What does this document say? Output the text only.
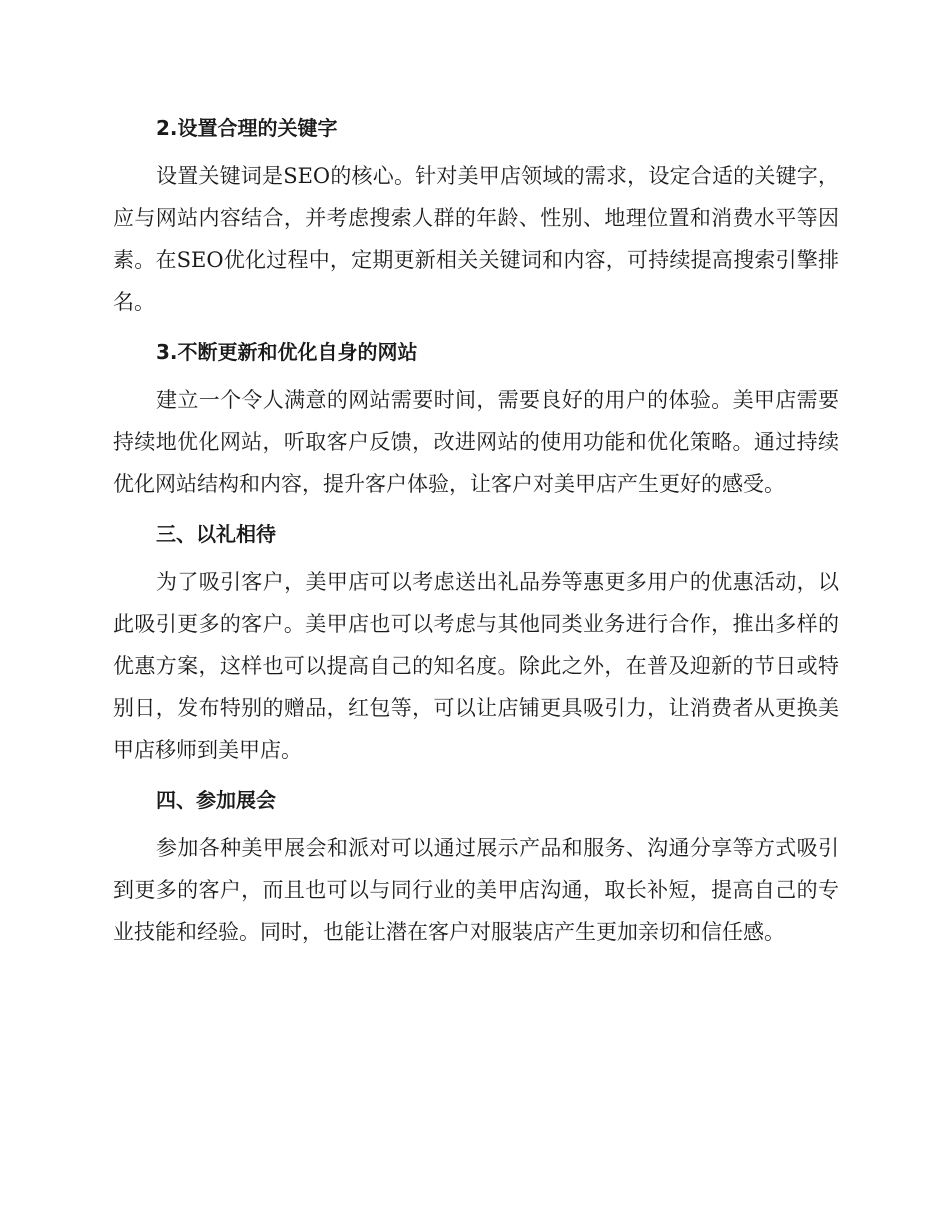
2.设置合理的关键字

设置关键词是SEO的核心。针对美甲店领域的需求，设定合适的关键字，应与网站内容结合，并考虑搜索人群的年龄、性别、地理位置和消费水平等因素。在SEO优化过程中，定期更新相关关键词和内容，可持续提高搜索引擎排名。

3.不断更新和优化自身的网站

建立一个令人满意的网站需要时间，需要良好的用户的体验。美甲店需要持续地优化网站，听取客户反馈，改进网站的使用功能和优化策略。通过持续优化网站结构和内容，提升客户体验，让客户对美甲店产生更好的感受。

三、以礼相待

为了吸引客户，美甲店可以考虑送出礼品券等惠更多用户的优惠活动，以此吸引更多的客户。美甲店也可以考虑与其他同类业务进行合作，推出多样的优惠方案，这样也可以提高自己的知名度。除此之外，在普及迎新的节日或特别日，发布特别的赠品，红包等，可以让店铺更具吸引力，让消费者从更换美甲店移师到美甲店。

四、参加展会

参加各种美甲展会和派对可以通过展示产品和服务、沟通分享等方式吸引到更多的客户，而且也可以与同行业的美甲店沟通，取长补短，提高自己的专业技能和经验。同时，也能让潜在客户对服装店产生更加亲切和信任感。
